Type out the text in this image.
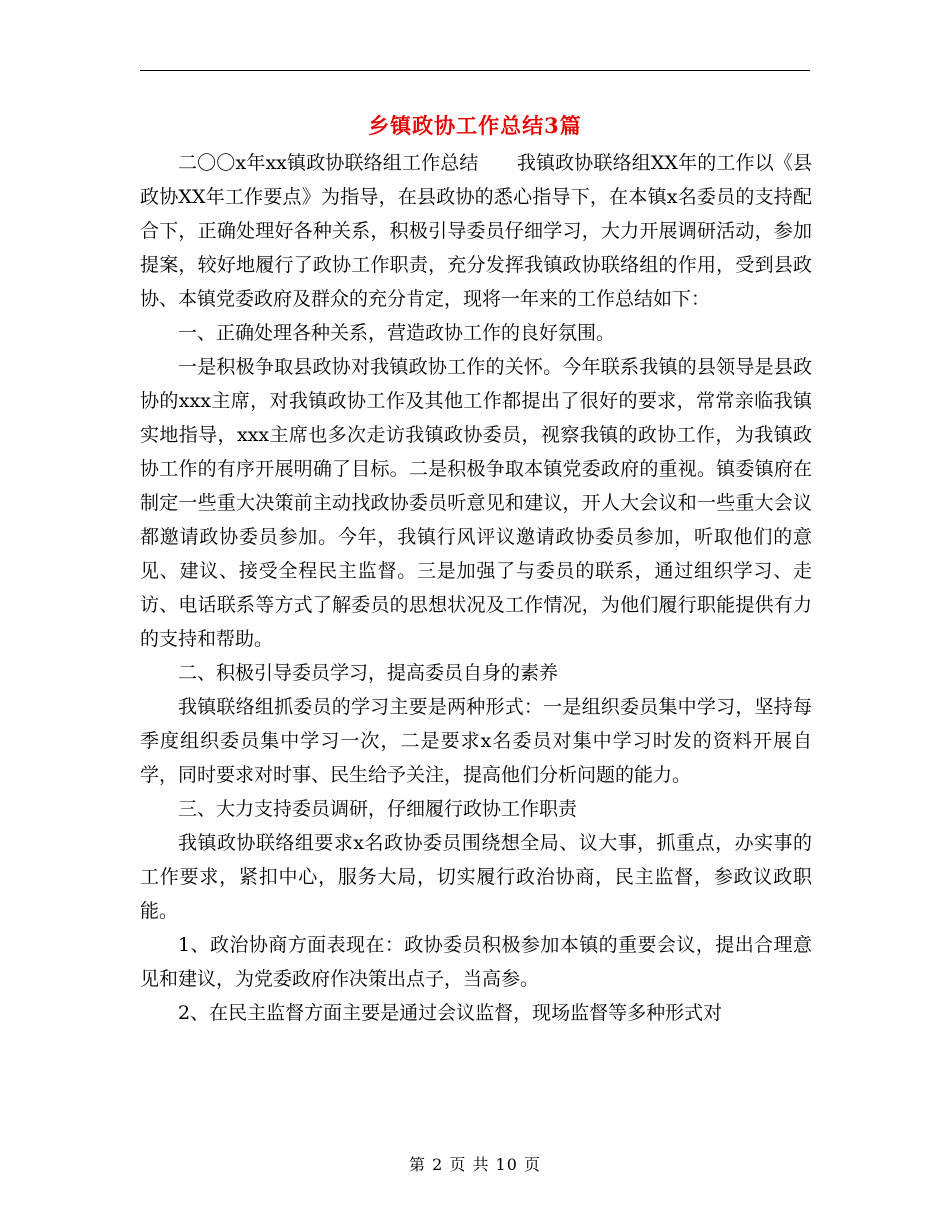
乡镇政协工作总结3篇

二〇〇x年xx镇政协联络组工作总结　　我镇政协联络组XX年的工作以《县政协XX年工作要点》为指导，在县政协的悉心指导下，在本镇x名委员的支持配合下，正确处理好各种关系，积极引导委员仔细学习，大力开展调研活动，参加提案，较好地履行了政协工作职责，充分发挥我镇政协联络组的作用，受到县政协、本镇党委政府及群众的充分肯定，现将一年来的工作总结如下：

一、正确处理各种关系，营造政协工作的良好氛围。

一是积极争取县政协对我镇政协工作的关怀。今年联系我镇的县领导是县政协的xxx主席，对我镇政协工作及其他工作都提出了很好的要求，常常亲临我镇实地指导，xxx主席也多次走访我镇政协委员，视察我镇的政协工作，为我镇政协工作的有序开展明确了目标。二是积极争取本镇党委政府的重视。镇委镇府在制定一些重大决策前主动找政协委员听意见和建议，开人大会议和一些重大会议都邀请政协委员参加。今年，我镇行风评议邀请政协委员参加，听取他们的意见、建议、接受全程民主监督。三是加强了与委员的联系，通过组织学习、走访、电话联系等方式了解委员的思想状况及工作情况，为他们履行职能提供有力的支持和帮助。

二、积极引导委员学习，提高委员自身的素养

我镇联络组抓委员的学习主要是两种形式：一是组织委员集中学习，坚持每季度组织委员集中学习一次，二是要求x名委员对集中学习时发的资料开展自学，同时要求对时事、民生给予关注，提高他们分析问题的能力。

三、大力支持委员调研，仔细履行政协工作职责

我镇政协联络组要求x名政协委员围绕想全局、议大事，抓重点，办实事的工作要求，紧扣中心，服务大局，切实履行政治协商，民主监督，参政议政职能。

1、政治协商方面表现在：政协委员积极参加本镇的重要会议，提出合理意见和建议，为党委政府作决策出点子，当高参。

2、在民主监督方面主要是通过会议监督，现场监督等多种形式对

第 2 页 共 10 页
